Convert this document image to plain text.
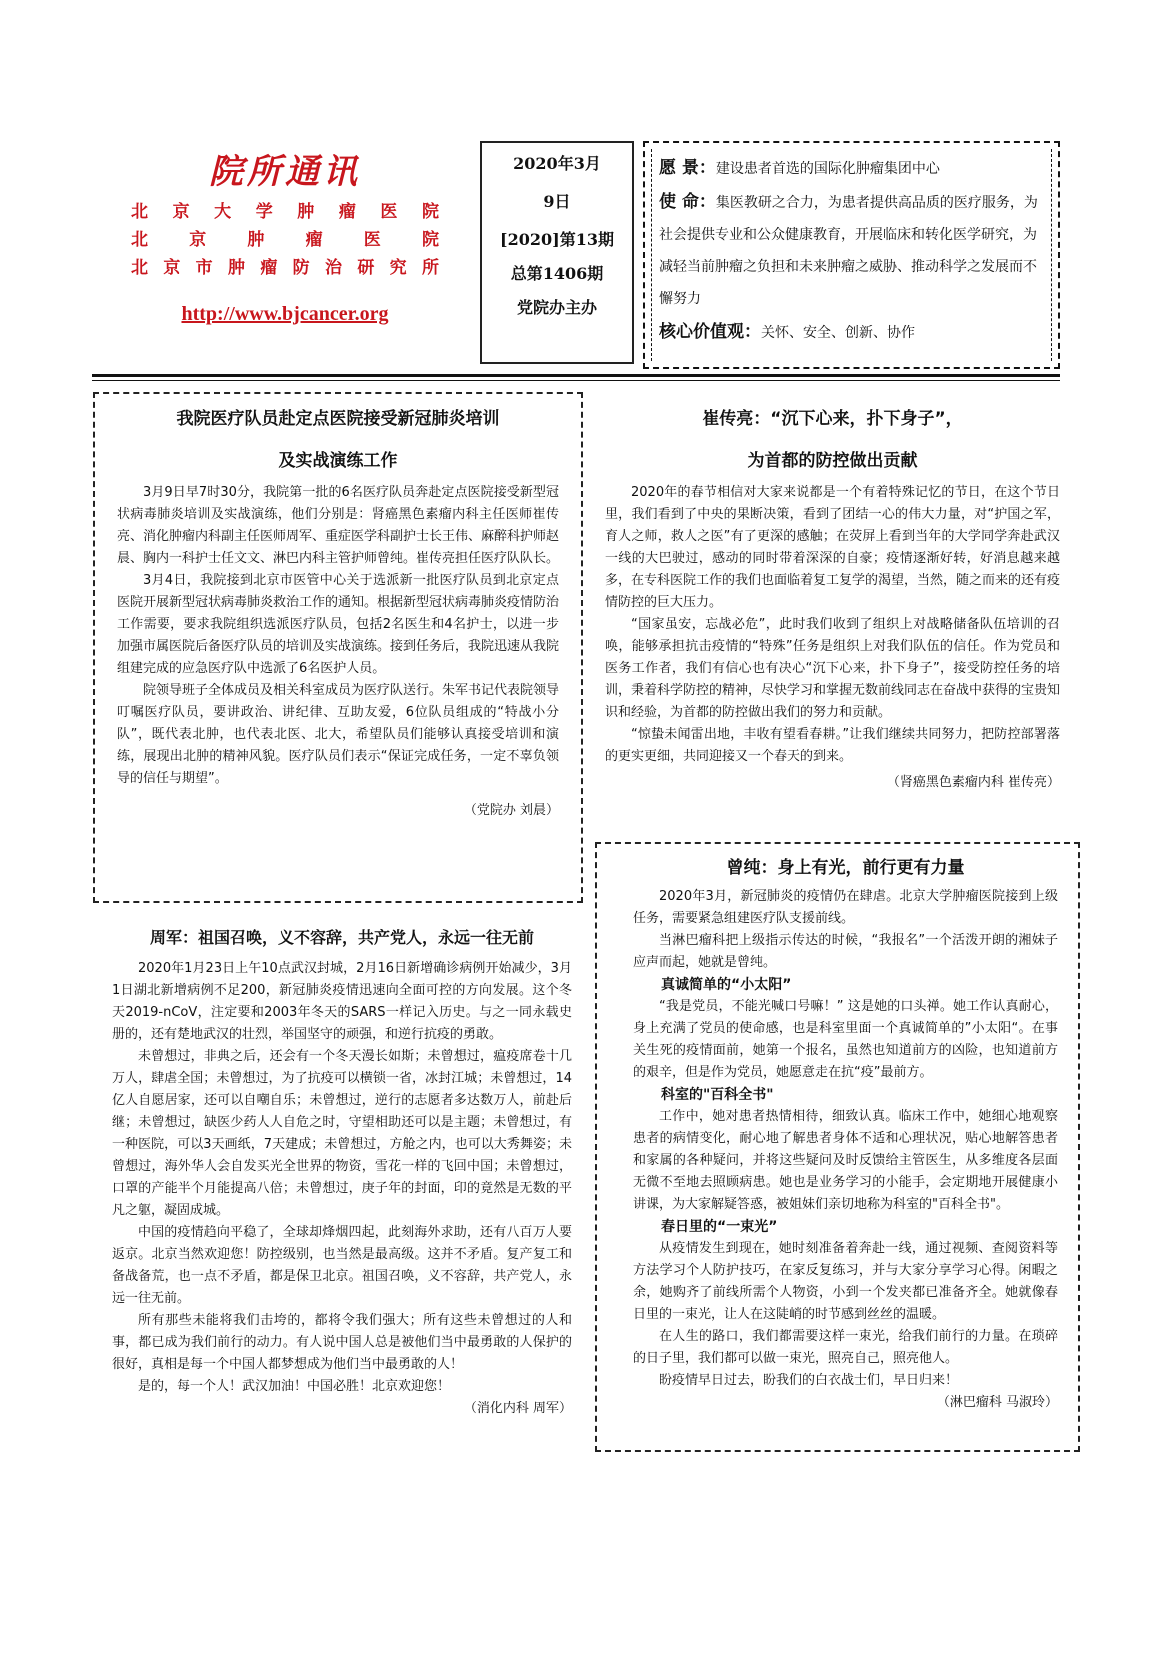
院所通讯
北京大学肿瘤医院
北京肿瘤医院
北京市肿瘤防治研究所
http://www.bjcancer.org
2020年3月
9日
[2020]第13期
总第1406期
党院办主办
愿 景：建设患者首选的国际化肿瘤集团中心
使 命：集医教研之合力，为患者提供高品质的医疗服务，为社会提供专业和公众健康教育，开展临床和转化医学研究，为减轻当前肿瘤之负担和未来肿瘤之威胁、推动科学之发展而不懈努力
核心价值观：关怀、安全、创新、协作
我院医疗队员赴定点医院接受新冠肺炎培训
及实战演练工作

3月9日早7时30分，我院第一批的6名医疗队员奔赴定点医院接受新型冠状病毒肺炎培训及实战演练，他们分别是：肾癌黑色素瘤内科主任医师崔传亮、消化肿瘤内科副主任医师周军、重症医学科副护士长王伟、麻醉科护师赵晨、胸内一科护士任文文、淋巴内科主管护师曾纯。崔传亮担任医疗队队长。

3月4日，我院接到北京市医管中心关于选派新一批医疗队员到北京定点医院开展新型冠状病毒肺炎救治工作的通知。根据新型冠状病毒肺炎疫情防治工作需要，要求我院组织选派医疗队员，包括2名医生和4名护士，以进一步加强市属医院后备医疗队员的培训及实战演练。接到任务后，我院迅速从我院组建完成的应急医疗队中选派了6名医护人员。

院领导班子全体成员及相关科室成员为医疗队送行。朱军书记代表院领导叮嘱医疗队员，要讲政治、讲纪律、互助友爱，6位队员组成的“特战小分队”，既代表北肿，也代表北医、北大，希望队员们能够认真接受培训和演练，展现出北肿的精神风貌。医疗队员们表示“保证完成任务，一定不辜负领导的信任与期望”。

（党院办 刘晨）

周军：祖国召唤，义不容辞，共产党人，永远一往无前

2020年1月23日上午10点武汉封城，2月16日新增确诊病例开始减少，3月1日湖北新增病例不足200，新冠肺炎疫情迅速向全面可控的方向发展。这个冬天2019-nCoV，注定要和2003年冬天的SARS一样记入历史。与之一同永载史册的，还有楚地武汉的壮烈，举国坚守的顽强，和逆行抗疫的勇敢。

未曾想过，非典之后，还会有一个冬天漫长如斯；未曾想过，瘟疫席卷十几万人，肆虐全国；未曾想过，为了抗疫可以横锁一省，冰封江城；未曾想过，14亿人自愿居家，还可以自嘲自乐；未曾想过，逆行的志愿者多达数万人，前赴后继；未曾想过，缺医少药人人自危之时，守望相助还可以是主题；未曾想过，有一种医院，可以3天画纸，7天建成；未曾想过，方舱之内，也可以大秀舞姿；未曾想过，海外华人会自发买光全世界的物资，雪花一样的飞回中国；未曾想过，口罩的产能半个月能提高八倍；未曾想过，庚子年的封面，印的竟然是无数的平凡之躯，凝固成城。

中国的疫情趋向平稳了，全球却烽烟四起，此刻海外求助，还有八百万人要返京。北京当然欢迎您！防控级别，也当然是最高级。这并不矛盾。复产复工和备战备荒，也一点不矛盾，都是保卫北京。祖国召唤，义不容辞，共产党人，永远一往无前。

所有那些未能将我们击垮的，都将令我们强大；所有这些未曾想过的人和事，都已成为我们前行的动力。有人说中国人总是被他们当中最勇敢的人保护的很好，真相是每一个中国人都梦想成为他们当中最勇敢的人！

是的，每一个人！武汉加油！中国必胜！北京欢迎您！

（消化内科 周军）

崔传亮：“沉下心来，扑下身子”，
为首都的防控做出贡献

2020年的春节相信对大家来说都是一个有着特殊记忆的节日，在这个节日里，我们看到了中央的果断决策，看到了团结一心的伟大力量，对“护国之军，育人之师，救人之医”有了更深的感触；在荧屏上看到当年的大学同学奔赴武汉一线的大巴驶过，感动的同时带着深深的自豪；疫情逐渐好转，好消息越来越多，在专科医院工作的我们也面临着复工复学的渴望，当然，随之而来的还有疫情防控的巨大压力。

“国家虽安，忘战必危”，此时我们收到了组织上对战略储备队伍培训的召唤，能够承担抗击疫情的“特殊”任务是组织上对我们队伍的信任。作为党员和医务工作者，我们有信心也有决心“沉下心来，扑下身子”，接受防控任务的培训，秉着科学防控的精神，尽快学习和掌握无数前线同志在奋战中获得的宝贵知识和经验，为首都的防控做出我们的努力和贡献。

“惊蛰未闻雷出地，丰收有望看春耕。”让我们继续共同努力，把防控部署落的更实更细，共同迎接又一个春天的到来。

（肾癌黑色素瘤内科 崔传亮）

曾纯：身上有光，前行更有力量

2020年3月，新冠肺炎的疫情仍在肆虐。北京大学肿瘤医院接到上级任务，需要紧急组建医疗队支援前线。

当淋巴瘤科把上级指示传达的时候，“我报名”一个活泼开朗的湘妹子应声而起，她就是曾纯。

真诚简单的“小太阳”

“我是党员，不能光喊口号嘛！” 这是她的口头禅。她工作认真耐心，身上充满了党员的使命感，也是科室里面一个真诚简单的”小太阳“。在事关生死的疫情面前，她第一个报名，虽然也知道前方的凶险，也知道前方的艰辛，但是作为党员，她愿意走在抗“疫”最前方。

科室的"百科全书"

工作中，她对患者热情相待，细致认真。临床工作中，她细心地观察患者的病情变化，耐心地了解患者身体不适和心理状况，贴心地解答患者和家属的各种疑问，并将这些疑问及时反馈给主管医生，从多维度各层面无微不至地去照顾病患。她也是业务学习的小能手，会定期地开展健康小讲课，为大家解疑答惑，被姐妹们亲切地称为科室的"百科全书"。

春日里的“一束光”

从疫情发生到现在，她时刻准备着奔赴一线，通过视频、查阅资料等方法学习个人防护技巧，在家反复练习，并与大家分享学习心得。闲暇之余，她购齐了前线所需个人物资，小到一个发夹都已准备齐全。她就像春日里的一束光，让人在这陡峭的时节感到丝丝的温暖。

在人生的路口，我们都需要这样一束光，给我们前行的力量。在琐碎的日子里，我们都可以做一束光，照亮自己，照亮他人。

盼疫情早日过去，盼我们的白衣战士们，早日归来！

（淋巴瘤科 马淑玲）
